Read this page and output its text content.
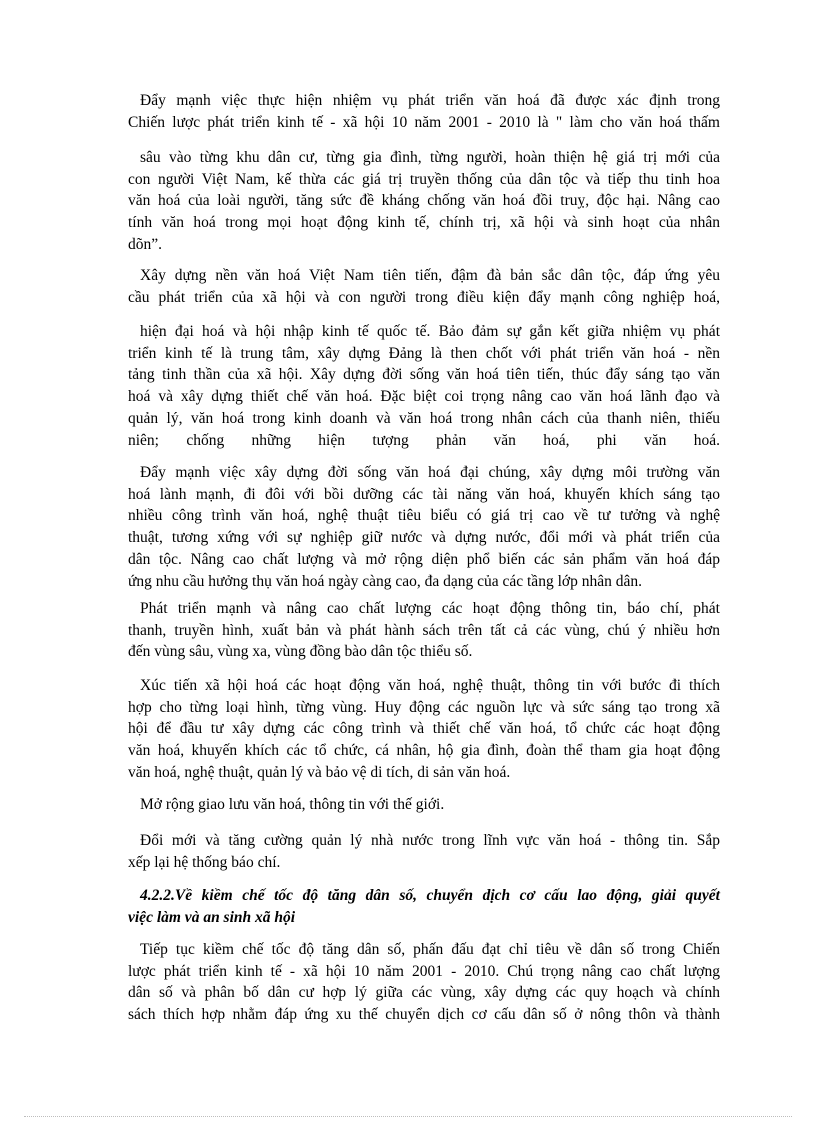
Đẩy mạnh việc thực hiện nhiệm vụ phát triển văn hoá đã được xác định trong
Chiến lược phát triển kinh tế - xã hội 10 năm 2001 - 2010 là " làm cho văn hoá thấm
sâu vào từng khu dân cư, từng gia đình, từng người, hoàn thiện hệ giá trị mới của
con người Việt Nam, kế thừa các giá trị truyền thống của dân tộc và tiếp thu tinh hoa
văn hoá của loài người, tăng sức đề kháng chống văn hoá đồi truỵ, độc hại. Nâng cao
tính văn hoá trong mọi hoạt động kinh tế, chính trị, xã hội và sinh hoạt của nhân
dõn”.
Xây dựng nền văn hoá Việt Nam tiên tiến, đậm đà bản sắc dân tộc, đáp ứng yêu
cầu phát triển của xã hội và con người trong điều kiện đẩy mạnh công nghiệp hoá,
hiện đại hoá và hội nhập kinh tế quốc tế. Bảo đảm sự gắn kết giữa nhiệm vụ phát
triển kinh tế là trung tâm, xây dựng Đảng là then chốt với phát triển văn hoá - nền
tảng tinh thần của xã hội. Xây dựng đời sống văn hoá tiên tiến, thúc đẩy sáng tạo văn
hoá và xây dựng thiết chế văn hoá. Đặc biệt coi trọng nâng cao văn hoá lãnh đạo và
quản lý, văn hoá trong kinh doanh và văn hoá trong nhân cách của thanh niên, thiếu
niên; chống những hiện tượng phản văn hoá, phi văn hoá.
Đẩy mạnh việc xây dựng đời sống văn hoá đại chúng, xây dựng môi trường văn
hoá lành mạnh, đi đôi với bồi dưỡng các tài năng văn hoá, khuyến khích sáng tạo
nhiều công trình văn hoá, nghệ thuật tiêu biểu có giá trị cao về tư tưởng và nghệ
thuật, tương xứng với sự nghiệp giữ nước và dựng nước, đổi mới và phát triển của
dân tộc. Nâng cao chất lượng và mở rộng diện phổ biến các sản phẩm văn hoá đáp
ứng nhu cầu hưởng thụ văn hoá ngày càng cao, đa dạng của các tầng lớp nhân dân.
Phát triển mạnh và nâng cao chất lượng các hoạt động thông tin, báo chí, phát
thanh, truyền hình, xuất bản và phát hành sách trên tất cả các vùng, chú ý nhiều hơn
đến vùng sâu, vùng xa, vùng đồng bào dân tộc thiểu số.
Xúc tiến xã hội hoá các hoạt động văn hoá, nghệ thuật, thông tin với bước đi thích
hợp cho từng loại hình, từng vùng. Huy động các nguồn lực và sức sáng tạo trong xã
hội để đầu tư xây dựng các công trình và thiết chế văn hoá, tổ chức các hoạt động
văn hoá, khuyến khích các tổ chức, cá nhân, hộ gia đình, đoàn thể tham gia hoạt động
văn hoá, nghệ thuật, quản lý và bảo vệ di tích, di sản văn hoá.
Mở rộng giao lưu văn hoá, thông tin với thế giới.
Đổi mới và tăng cường quản lý nhà nước trong lĩnh vực văn hoá - thông tin. Sắp
xếp lại hệ thống báo chí.
4.2.2.Về kiềm chế tốc độ tăng dân số, chuyển dịch cơ cấu lao động, giải quyết
việc làm và an sinh xã hội
Tiếp tục kiềm chế tốc độ tăng dân số, phấn đấu đạt chỉ tiêu về dân số trong Chiến
lược phát triển kinh tế - xã hội 10 năm 2001 - 2010. Chú trọng nâng cao chất lượng
dân số và phân bố dân cư hợp lý giữa các vùng, xây dựng các quy hoạch và chính
sách thích hợp nhằm đáp ứng xu thế chuyển dịch cơ cấu dân số ở nông thôn và thành
